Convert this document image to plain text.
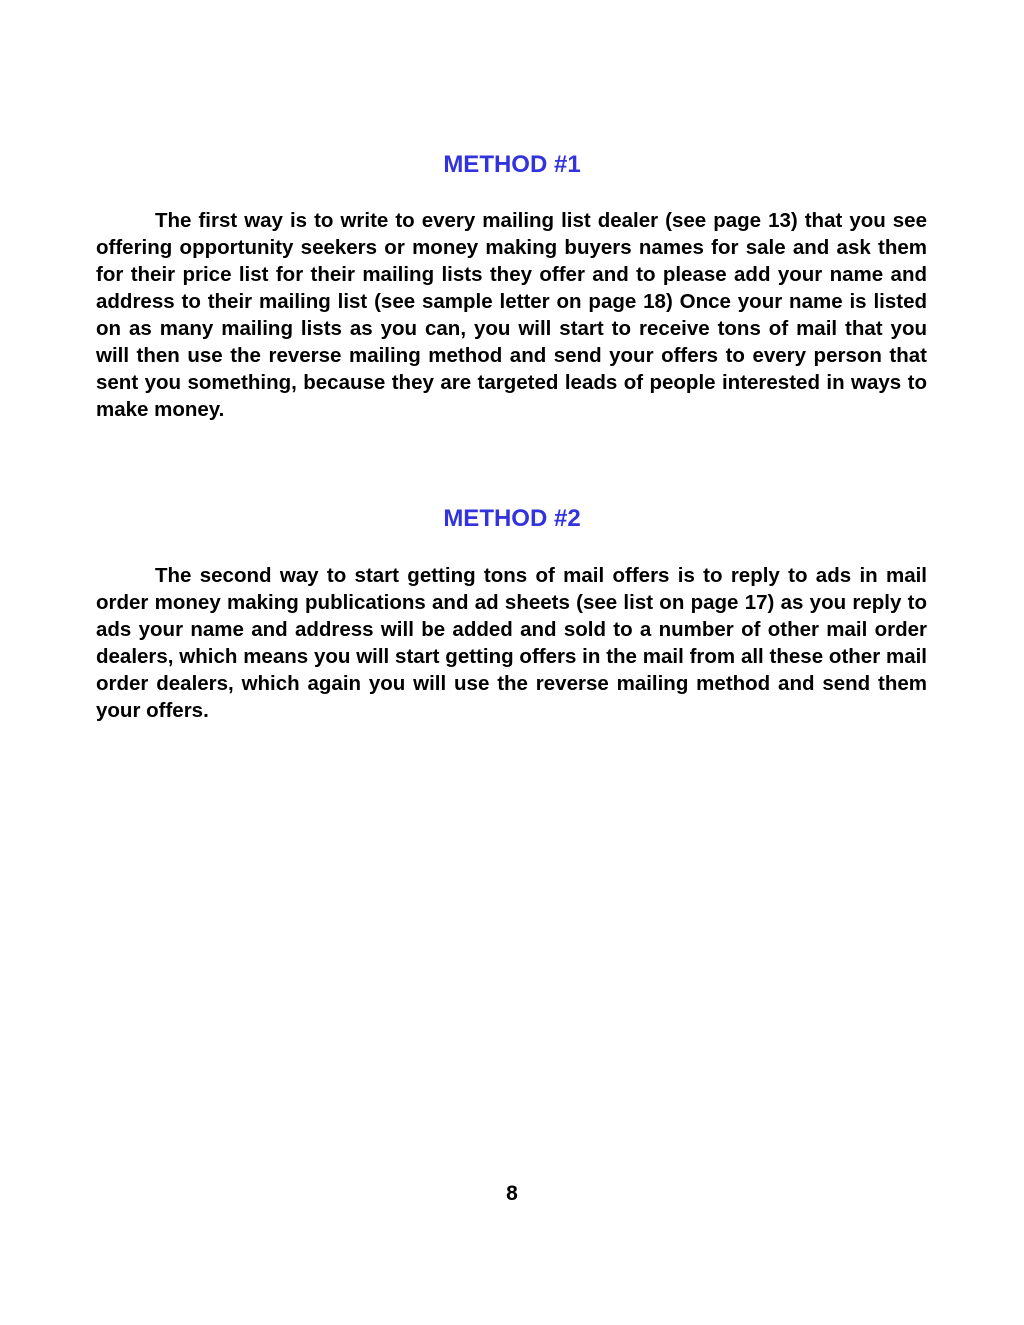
METHOD #1

The first way is to write to every mailing list dealer (see page 13) that you see offering opportunity seekers or money making buyers names for sale and ask them for their price list for their mailing lists they offer and to please add your name and address to their mailing list (see sample letter on page 18) Once your name is listed on as many mailing lists as you can, you will start to receive tons of mail that you will then use the reverse mailing method and send your offers to every person that sent you something, because they are targeted leads of people interested in ways to make money.

METHOD #2

The second way to start getting tons of mail offers is to reply to ads in mail order money making publications and ad sheets (see list on page 17) as you reply to ads your name and address will be added and sold to a number of other mail order dealers, which means you will start getting offers in the mail from all these other mail order dealers, which again you will use the reverse mailing method and send them your offers.

8
